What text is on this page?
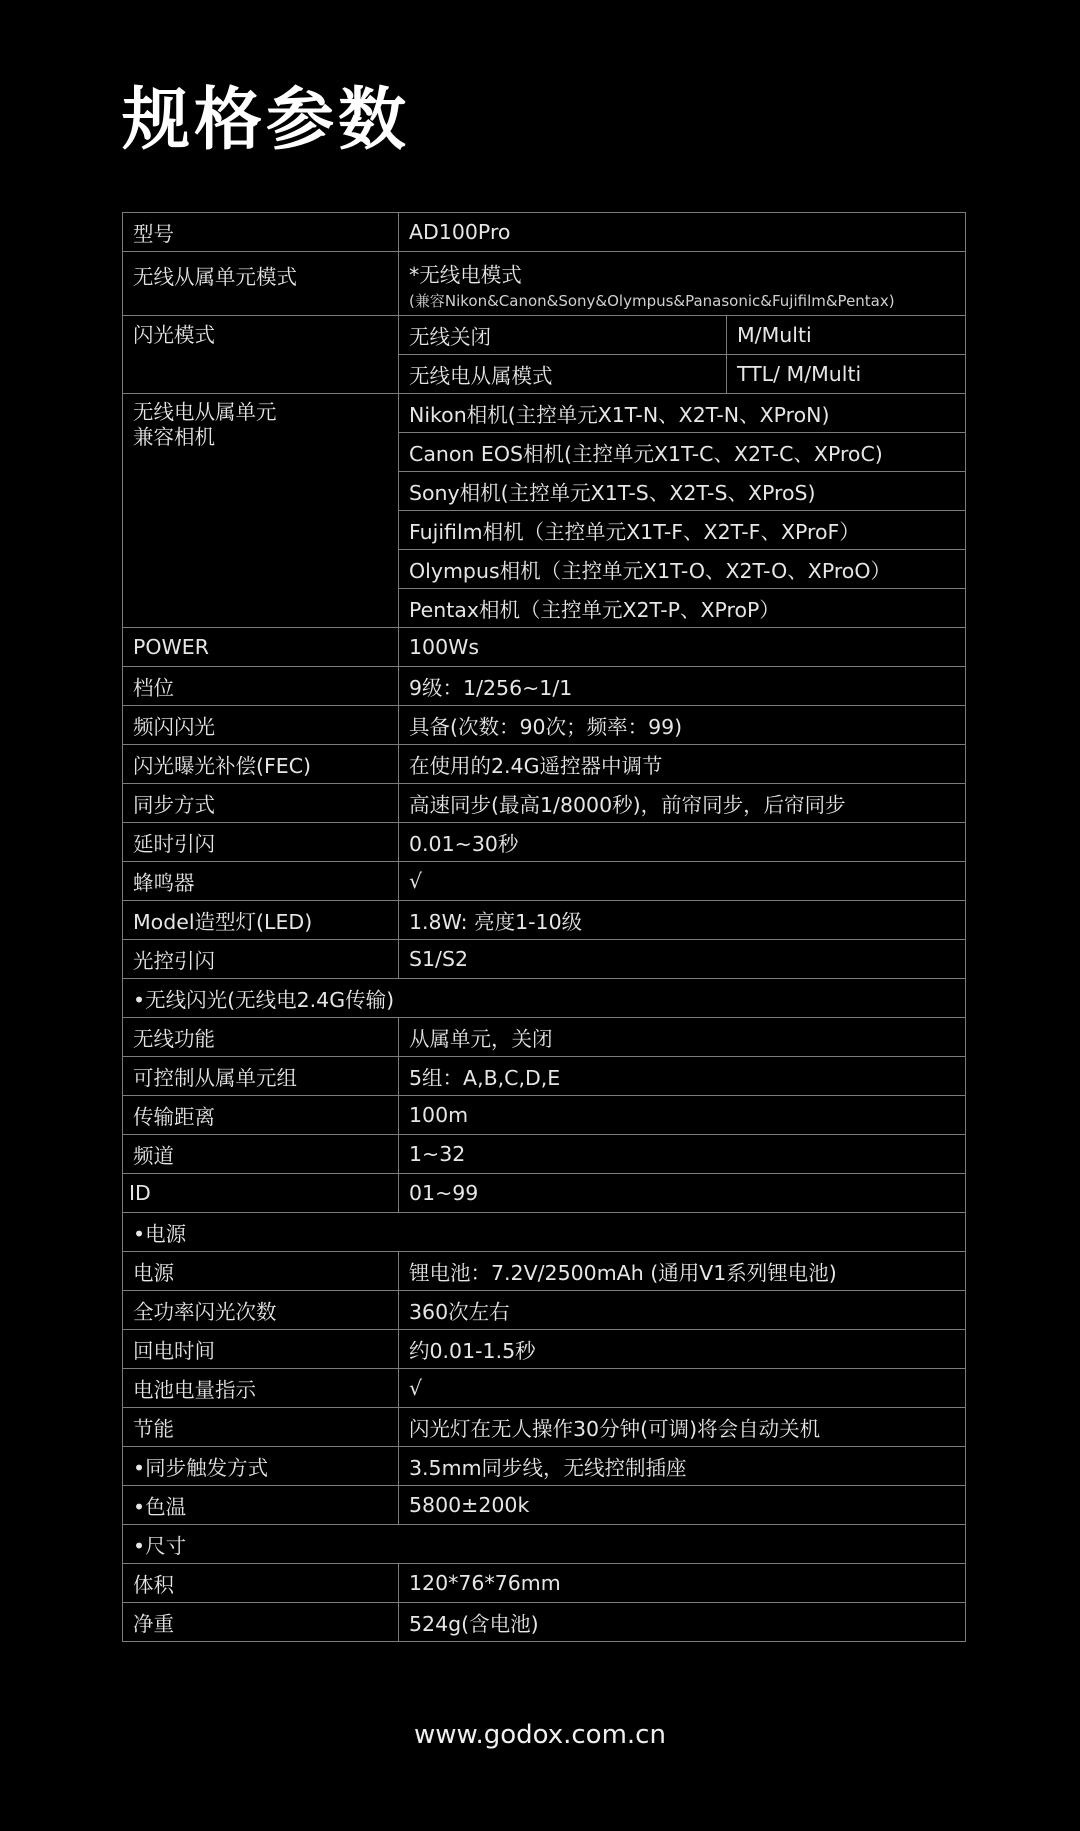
规格参数
型号	AD100Pro	
无线从属单元模式	*无线电模式
(兼容Nikon&Canon&Sony&Olympus&Panasonic&Fujifilm&Pentax)	

闪光模式	无线关闭	M/Multi
	无线电从属模式	TTL/ M/Multi

无线电从属单元
兼容相机	Nikon相机(主控单元X1T-N、X2T-N、XProN)	
	Canon EOS相机(主控单元X1T-C、X2T-C、XProC)	
	Sony相机(主控单元X1T-S、X2T-S、XProS)	
	Fujifilm相机（主控单元X1T-F、X2T-F、XProF）	
	Olympus相机（主控单元X1T-O、X2T-O、XProO）	
	Pentax相机（主控单元X2T-P、XProP）	
POWER	100Ws	
档位	9级：1/256~1/1	
频闪闪光	具备(次数：90次；频率：99)	
闪光曝光补偿(FEC)	在使用的2.4G遥控器中调节	
同步方式	高速同步(最高1/8000秒)，前帘同步，后帘同步	
延时引闪	0.01~30秒	
蜂鸣器	√	
Model造型灯(LED)	1.8W: 亮度1-10级	
光控引闪	S1/S2	
•无线闪光(无线电2.4G传输)		
无线功能	从属单元，关闭	
可控制从属单元组	5组：A,B,C,D,E	
传输距离	100m	
频道	1~32	
ID	01~99	
•电源		
电源	锂电池：7.2V/2500mAh (通用V1系列锂电池)	
全功率闪光次数	360次左右	
回电时间	约0.01-1.5秒	
电池电量指示	√	
节能	闪光灯在无人操作30分钟(可调)将会自动关机	
•同步触发方式	3.5mm同步线，无线控制插座	
•色温	5800±200k	
•尺寸		
体积	120*76*76mm	
净重	524g(含电池)	
www.godox.com.cn
